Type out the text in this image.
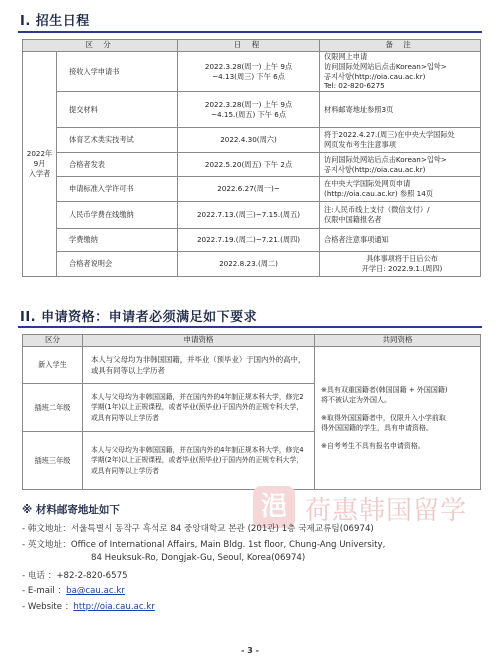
I. 招生日程
区 分		日 程	备 注

2022年
9月
入学者	接收入学申请书	2022.3.28(周一) 上午 9点
~4.13(周三) 下午 6点	仅限网上申请
访问国际处网站后点击Korean>입학>
공지사항(http://oia.cau.ac.kr)
Tel: 02-820-6275

	提交材料	2022.3.28(周一) 上午 9点
~4.15.(周五) 下午 6点	材料邮寄地址参照3页
	体育艺术类实技考试	2022.4.30(周六)	将于2022.4.27.(周三)在中央大学国际处
网页发布考生注意事项

	合格者发表	2022.5.20(周五) 下午 2点	访问国际处网站后点击Korean>입학>
공지사항(http://oia.cau.ac.kr)

	申请标准入学许可书	2022.6.27(周一)~	在中央大学国际处网页申请
(http://oia.cau.ac.kr) 参照 14页

	人民币学费在线缴纳	2022.7.13.(周三)~7.15.(周五)	注:人民币线上支付（微信支付）/
仅限中国籍报名者

	学费缴纳	2022.7.19.(周二)~7.21.(周四)	合格者注意事项通知
	合格者说明会	2022.8.23.(周二)	具体事项将于日后公布
开学日: 2022.9.1.(周四)
II. 申请资格：申请者必须满足如下要求
区分	申请资格	共同资格
新入学生	本人与父母均为非韩国国籍，并毕业（预毕业）于国内外的高中，或具有同等以上学历者	※具有双重国籍者(韩国国籍 + 外国国籍)
将不被认定为外国人。
※取得外国国籍者中，仅限升入小学前取
得外国国籍的学生，具有申请资格。
※自考考生不具有报名申请资格。

插班二年级	本人与父母均为非韩国国籍，并在国内外的4年制正规本科大学，修完2学期(1年)以上正规课程，或者毕业(预毕业)于国内外的正规专科大学，或具有同等以上学历者	
插班三年级	本人与父母均为非韩国国籍，并在国内外的4年制正规本科大学，修完4学期(2年)以上正规课程，或者毕业(预毕业)于国内外的正规专科大学，或具有同等以上学历者	
浥 荷惠韩国留学
※ 材料邮寄地址如下
- 韩文地址：서울특별시 동작구 흑석로 84 중앙대학교 본관 (201관) 1층 국제교류팀(06974)
- 英文地址：Office of International Affairs, Main Bldg. 1st floor, Chung-Ang University,
84 Heuksuk-Ro, Dongjak-Gu, Seoul, Korea(06974)
- 电话 ：+82-2-820-6575
- E-mail ：ba@cau.ac.kr
- Website ：http://oia.cau.ac.kr
- 3 -
